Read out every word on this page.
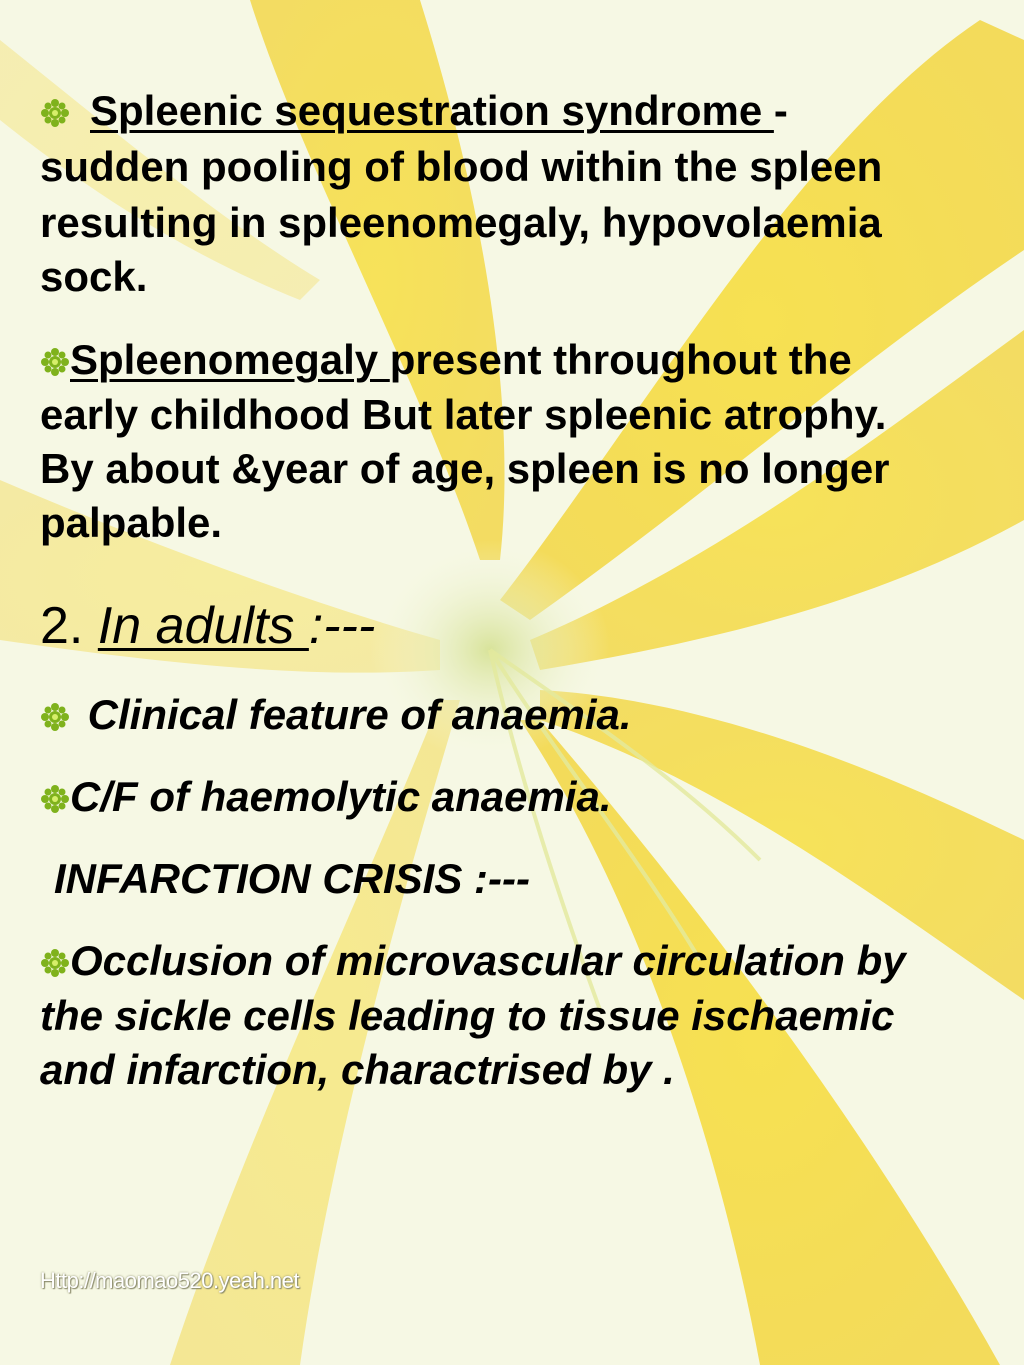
Spleenic sequestration syndrome -

sudden pooling of blood within the spleen

resulting in spleenomegaly, hypovolaemia

sock.

Spleenomegaly present throughout the

early childhood But later spleenic atrophy.

By about &year of age, spleen is no longer

palpable.

2. In adults :---

Clinical feature of anaemia.

C/F of haemolytic anaemia.

INFARCTION CRISIS :---

Occlusion of microvascular circulation by

the sickle cells leading to tissue ischaemic

and infarction, charactrised by .

Http://maomao520.yeah.net
